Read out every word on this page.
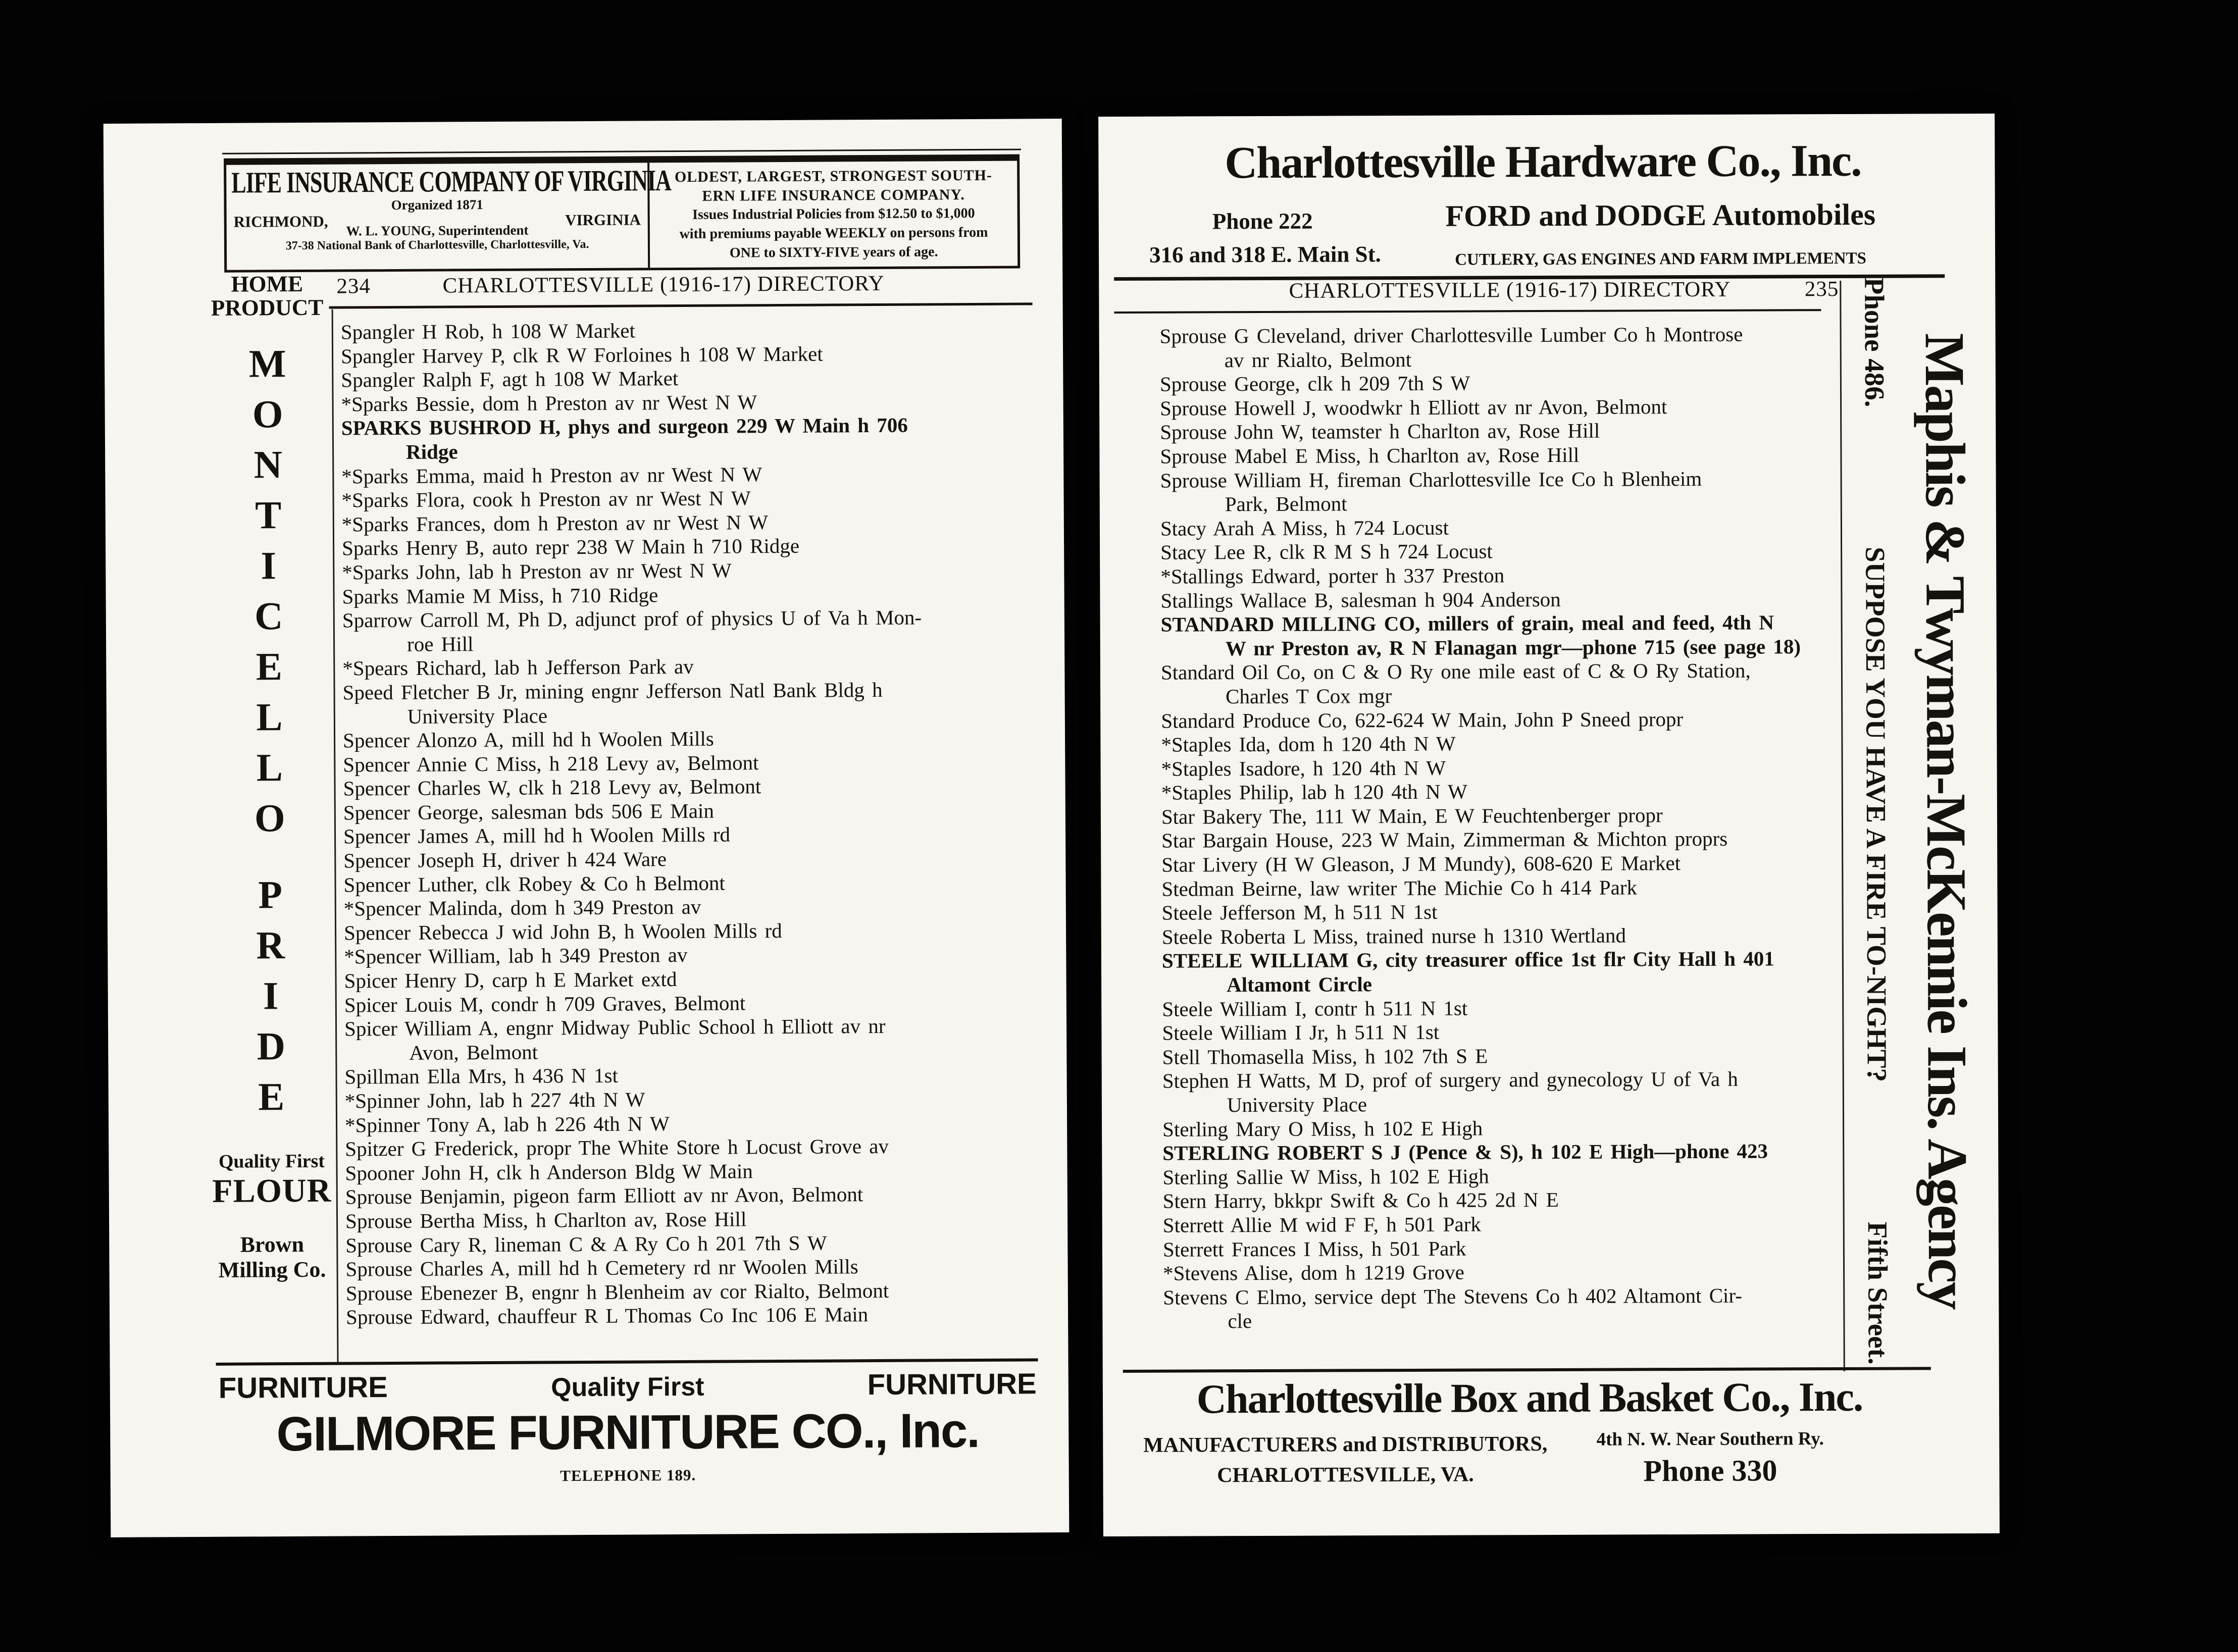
LIFE INSURANCE COMPANY OF VIRGINIA
Organized 1871
RICHMOND,	VIRGINIA
W. L. YOUNG, Superintendent
37-38 National Bank of Charlottesville, Charlottesville, Va.
OLDEST, LARGEST, STRONGEST SOUTH-
ERN LIFE INSURANCE COMPANY.
Issues Industrial Policies from $12.50 to $1,000
with premiums payable WEEKLY on persons from
ONE to SIXTY-FIVE years of age.
234	CHARLOTTESVILLE (1916-17) DIRECTORY
HOME
PRODUCT
M
O
N
T
I
C
E
L
L
O
P
R
I
D
E
Quality First
FLOUR
Brown
Milling Co.
Spangler H Rob, h 108 W Market
Spangler Harvey P, clk R W Forloines h 108 W Market
Spangler Ralph F, agt h 108 W Market
*Sparks Bessie, dom h Preston av nr West N W
SPARKS BUSHROD H, phys and surgeon 229 W Main h 706
Ridge
*Sparks Emma, maid h Preston av nr West N W
*Sparks Flora, cook h Preston av nr West N W
*Sparks Frances, dom h Preston av nr West N W
Sparks Henry B, auto repr 238 W Main h 710 Ridge
*Sparks John, lab h Preston av nr West N W
Sparks Mamie M Miss, h 710 Ridge
Sparrow Carroll M, Ph D, adjunct prof of physics U of Va h Mon-
roe Hill
*Spears Richard, lab h Jefferson Park av
Speed Fletcher B Jr, mining engnr Jefferson Natl Bank Bldg h
University Place
Spencer Alonzo A, mill hd h Woolen Mills
Spencer Annie C Miss, h 218 Levy av, Belmont
Spencer Charles W, clk h 218 Levy av, Belmont
Spencer George, salesman bds 506 E Main
Spencer James A, mill hd h Woolen Mills rd
Spencer Joseph H, driver h 424 Ware
Spencer Luther, clk Robey & Co h Belmont
*Spencer Malinda, dom h 349 Preston av
Spencer Rebecca J wid John B, h Woolen Mills rd
*Spencer William, lab h 349 Preston av
Spicer Henry D, carp h E Market extd
Spicer Louis M, condr h 709 Graves, Belmont
Spicer William A, engnr Midway Public School h Elliott av nr
Avon, Belmont
Spillman Ella Mrs, h 436 N 1st
*Spinner John, lab h 227 4th N W
*Spinner Tony A, lab h 226 4th N W
Spitzer G Frederick, propr The White Store h Locust Grove av
Spooner John H, clk h Anderson Bldg W Main
Sprouse Benjamin, pigeon farm Elliott av nr Avon, Belmont
Sprouse Bertha Miss, h Charlton av, Rose Hill
Sprouse Cary R, lineman C & A Ry Co h 201 7th S W
Sprouse Charles A, mill hd h Cemetery rd nr Woolen Mills
Sprouse Ebenezer B, engnr h Blenheim av cor Rialto, Belmont
Sprouse Edward, chauffeur R L Thomas Co Inc 106 E Main
FURNITURE	Quality First	FURNITURE
GILMORE FURNITURE CO., Inc.
TELEPHONE 189.
Charlottesville Hardware Co., Inc.
Phone 222	FORD and DODGE Automobiles
316 and 318 E. Main St.	CUTLERY, GAS ENGINES AND FARM IMPLEMENTS
CHARLOTTESVILLE (1916-17) DIRECTORY	235
Sprouse G Cleveland, driver Charlottesville Lumber Co h Montrose
av nr Rialto, Belmont
Sprouse George, clk h 209 7th S W
Sprouse Howell J, woodwkr h Elliott av nr Avon, Belmont
Sprouse John W, teamster h Charlton av, Rose Hill
Sprouse Mabel E Miss, h Charlton av, Rose Hill
Sprouse William H, fireman Charlottesville Ice Co h Blenheim
Park, Belmont
Stacy Arah A Miss, h 724 Locust
Stacy Lee R, clk R M S h 724 Locust
*Stallings Edward, porter h 337 Preston
Stallings Wallace B, salesman h 904 Anderson
STANDARD MILLING CO, millers of grain, meal and feed, 4th N
W nr Preston av, R N Flanagan mgr—phone 715 (see page 18)
Standard Oil Co, on C & O Ry one mile east of C & O Ry Station,
Charles T Cox mgr
Standard Produce Co, 622-624 W Main, John P Sneed propr
*Staples Ida, dom h 120 4th N W
*Staples Isadore, h 120 4th N W
*Staples Philip, lab h 120 4th N W
Star Bakery The, 111 W Main, E W Feuchtenberger propr
Star Bargain House, 223 W Main, Zimmerman & Michton proprs
Star Livery (H W Gleason, J M Mundy), 608-620 E Market
Stedman Beirne, law writer The Michie Co h 414 Park
Steele Jefferson M, h 511 N 1st
Steele Roberta L Miss, trained nurse h 1310 Wertland
STEELE WILLIAM G, city treasurer office 1st flr City Hall h 401
Altamont Circle
Steele William I, contr h 511 N 1st
Steele William I Jr, h 511 N 1st
Stell Thomasella Miss, h 102 7th S E
Stephen H Watts, M D, prof of surgery and gynecology U of Va h
University Place
Sterling Mary O Miss, h 102 E High
STERLING ROBERT S J (Pence & S), h 102 E High—phone 423
Sterling Sallie W Miss, h 102 E High
Stern Harry, bkkpr Swift & Co h 425 2d N E
Sterrett Allie M wid F F, h 501 Park
Sterrett Frances I Miss, h 501 Park
*Stevens Alise, dom h 1219 Grove
Stevens C Elmo, service dept The Stevens Co h 402 Altamont Cir-
cle
Maphis & Twyman-McKennie Ins. Agency
Phone 486.
SUPPOSE YOU HAVE A FIRE TO-NIGHT?
Fifth Street.
Charlottesville Box and Basket Co., Inc.
MANUFACTURERS and DISTRIBUTORS,
CHARLOTTESVILLE, VA.
4th N. W. Near Southern Ry.
Phone 330
